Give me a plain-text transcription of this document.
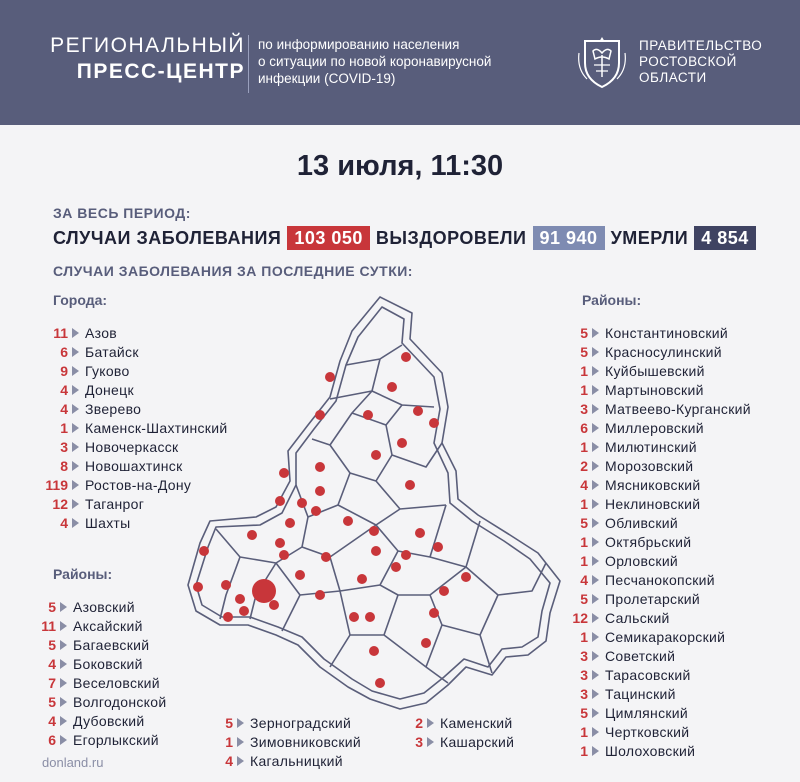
РЕГИОНАЛЬНЫЙ
ПРЕСС-ЦЕНТР
по информированию населения
о ситуации по новой коронавирусной
инфекции (COVID-19)
ПРАВИТЕЛЬСТВО
РОСТОВСКОЙ
ОБЛАСТИ
13 июля, 11:30
ЗА ВЕСЬ ПЕРИОД:
СЛУЧАИ ЗАБОЛЕВАНИЯ 103 050 ВЫЗДОРОВЕЛИ 91 940 УМЕРЛИ 4 854
СЛУЧАИ ЗАБОЛЕВАНИЯ ЗА ПОСЛЕДНИЕ СУТКИ:
Города:
11 Азов
6 Батайск
9 Гуково
4 Донецк
4 Зверево
1 Каменск-Шахтинский
3 Новочеркасск
8 Новошахтинск
119 Ростов-на-Дону
12 Таганрог
4 Шахты
Районы:
5 Азовский
11 Аксайский
5 Багаевский
4 Боковский
7 Веселовский
5 Волгодонской
4 Дубовский
6 Егорлыкский
5 Зерноградский
1 Зимовниковский
4 Кагальницкий
2 Каменский
3 Кашарский
Районы:
5 Константиновский
5 Красносулинский
1 Куйбышевский
1 Мартыновский
3 Матвеево-Курганский
6 Миллеровский
1 Милютинский
2 Морозовский
4 Мясниковский
1 Неклиновский
5 Обливский
1 Октябрьский
1 Орловский
4 Песчанокопский
5 Пролетарский
12 Сальский
1 Семикаракорский
3 Советский
3 Тарасовский
3 Тацинский
5 Цимлянский
1 Чертковский
1 Шолоховский
donland.ru
